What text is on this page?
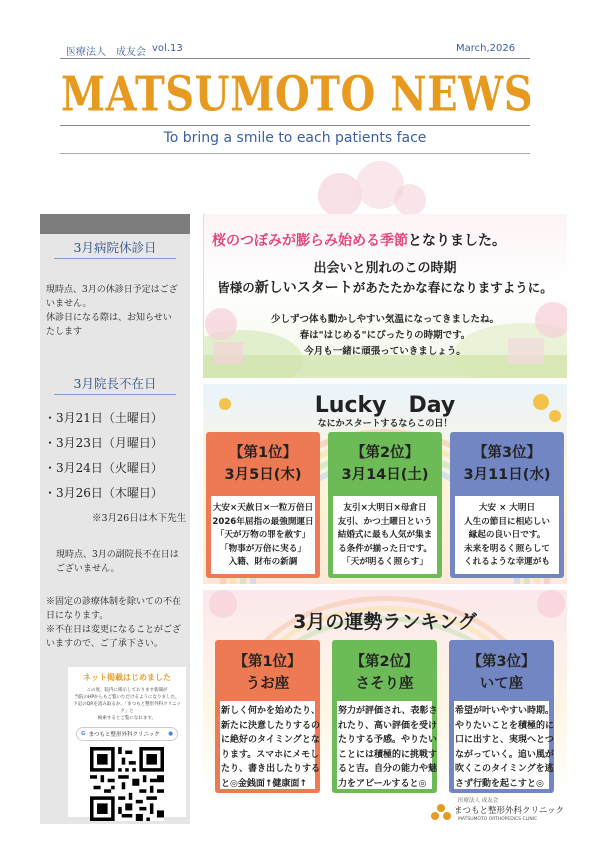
医療法人　成友会 vol.13	March,2026
MATSUMOTO NEWS
To bring a smile to each patients face
3月病院休診日
現時点、3月の休診日予定はござ
いません。
休診日になる際は、お知らせい
たします
3月院長不在日
・3月21日（土曜日）
・3月23日（月曜日）
・3月24日（火曜日）
・3月26日（木曜日）
※3月26日は木下先生
現時点、3月の副院長不在日は
ございません。
※固定の診療体制を除いての不在
日になります。
※不在日は変更になることがござ
いますので、ご了承下さい。
ネット掲載はじめました
この度、院内に掲示しております新聞が
当院のHPからもご覧いただけるようになりました。
下記のQRを読み取るか、「まつもと整形外科クリニック」と
検索するとご覧になれます。
G まつもと整形外科クリニック ●
桜のつぼみが膨らみ始める季節となりました。
出会いと別れのこの時期
皆様の新しいスタートがあたたかな春になりますように。
少しずつ体も動かしやすい気温になってきましたね。
春は"はじめる"にぴったりの時期です。
今月も一緒に頑張っていきましょう。
Lucky　Day
なにかスタートするならこの日！
【第1位】
3月5日(木)
大安×天赦日×一粒万倍日
2026年屈指の最強開運日
「天が万物の罪を赦す」
「物事が万倍に実る」
入籍、財布の新調
【第2位】
3月14日(土)
友引×大明日×母倉日
友引、かつ土曜日という
結婚式に最も人気が集ま
る条件が揃った日です。
「天が明るく照らす」
【第3位】
3月11日(水)
大安 × 大明日
人生の節目に相応しい
縁起の良い日です。
未来を明るく照らして
くれるような幸運がも
3月の運勢ランキング
【第1位】
うお座
新しく何かを始めたり、
新たに決意したりするの
に絶好のタイミングとな
ります。スマホにメモし
たり、書き出したりする
と◎金銭面↑健康面↑
【第2位】
さそり座
努力が評価され、表彰さ
れたり、高い評価を受け
たりする予感。やりたい
ことには積極的に挑戦す
ると吉。自分の能力や魅
力をアピールすると◎
【第3位】
いて座
希望が叶いやすい時期。
やりたいことを積極的に
口に出すと、実現へとつ
ながっていく。追い風が
吹くこのタイミングを逃
さず行動を起こすと◎
医療法人 成友会
まつもと整形外科クリニック
MATSUMOTO ORTHOPEDICS CLINIC
